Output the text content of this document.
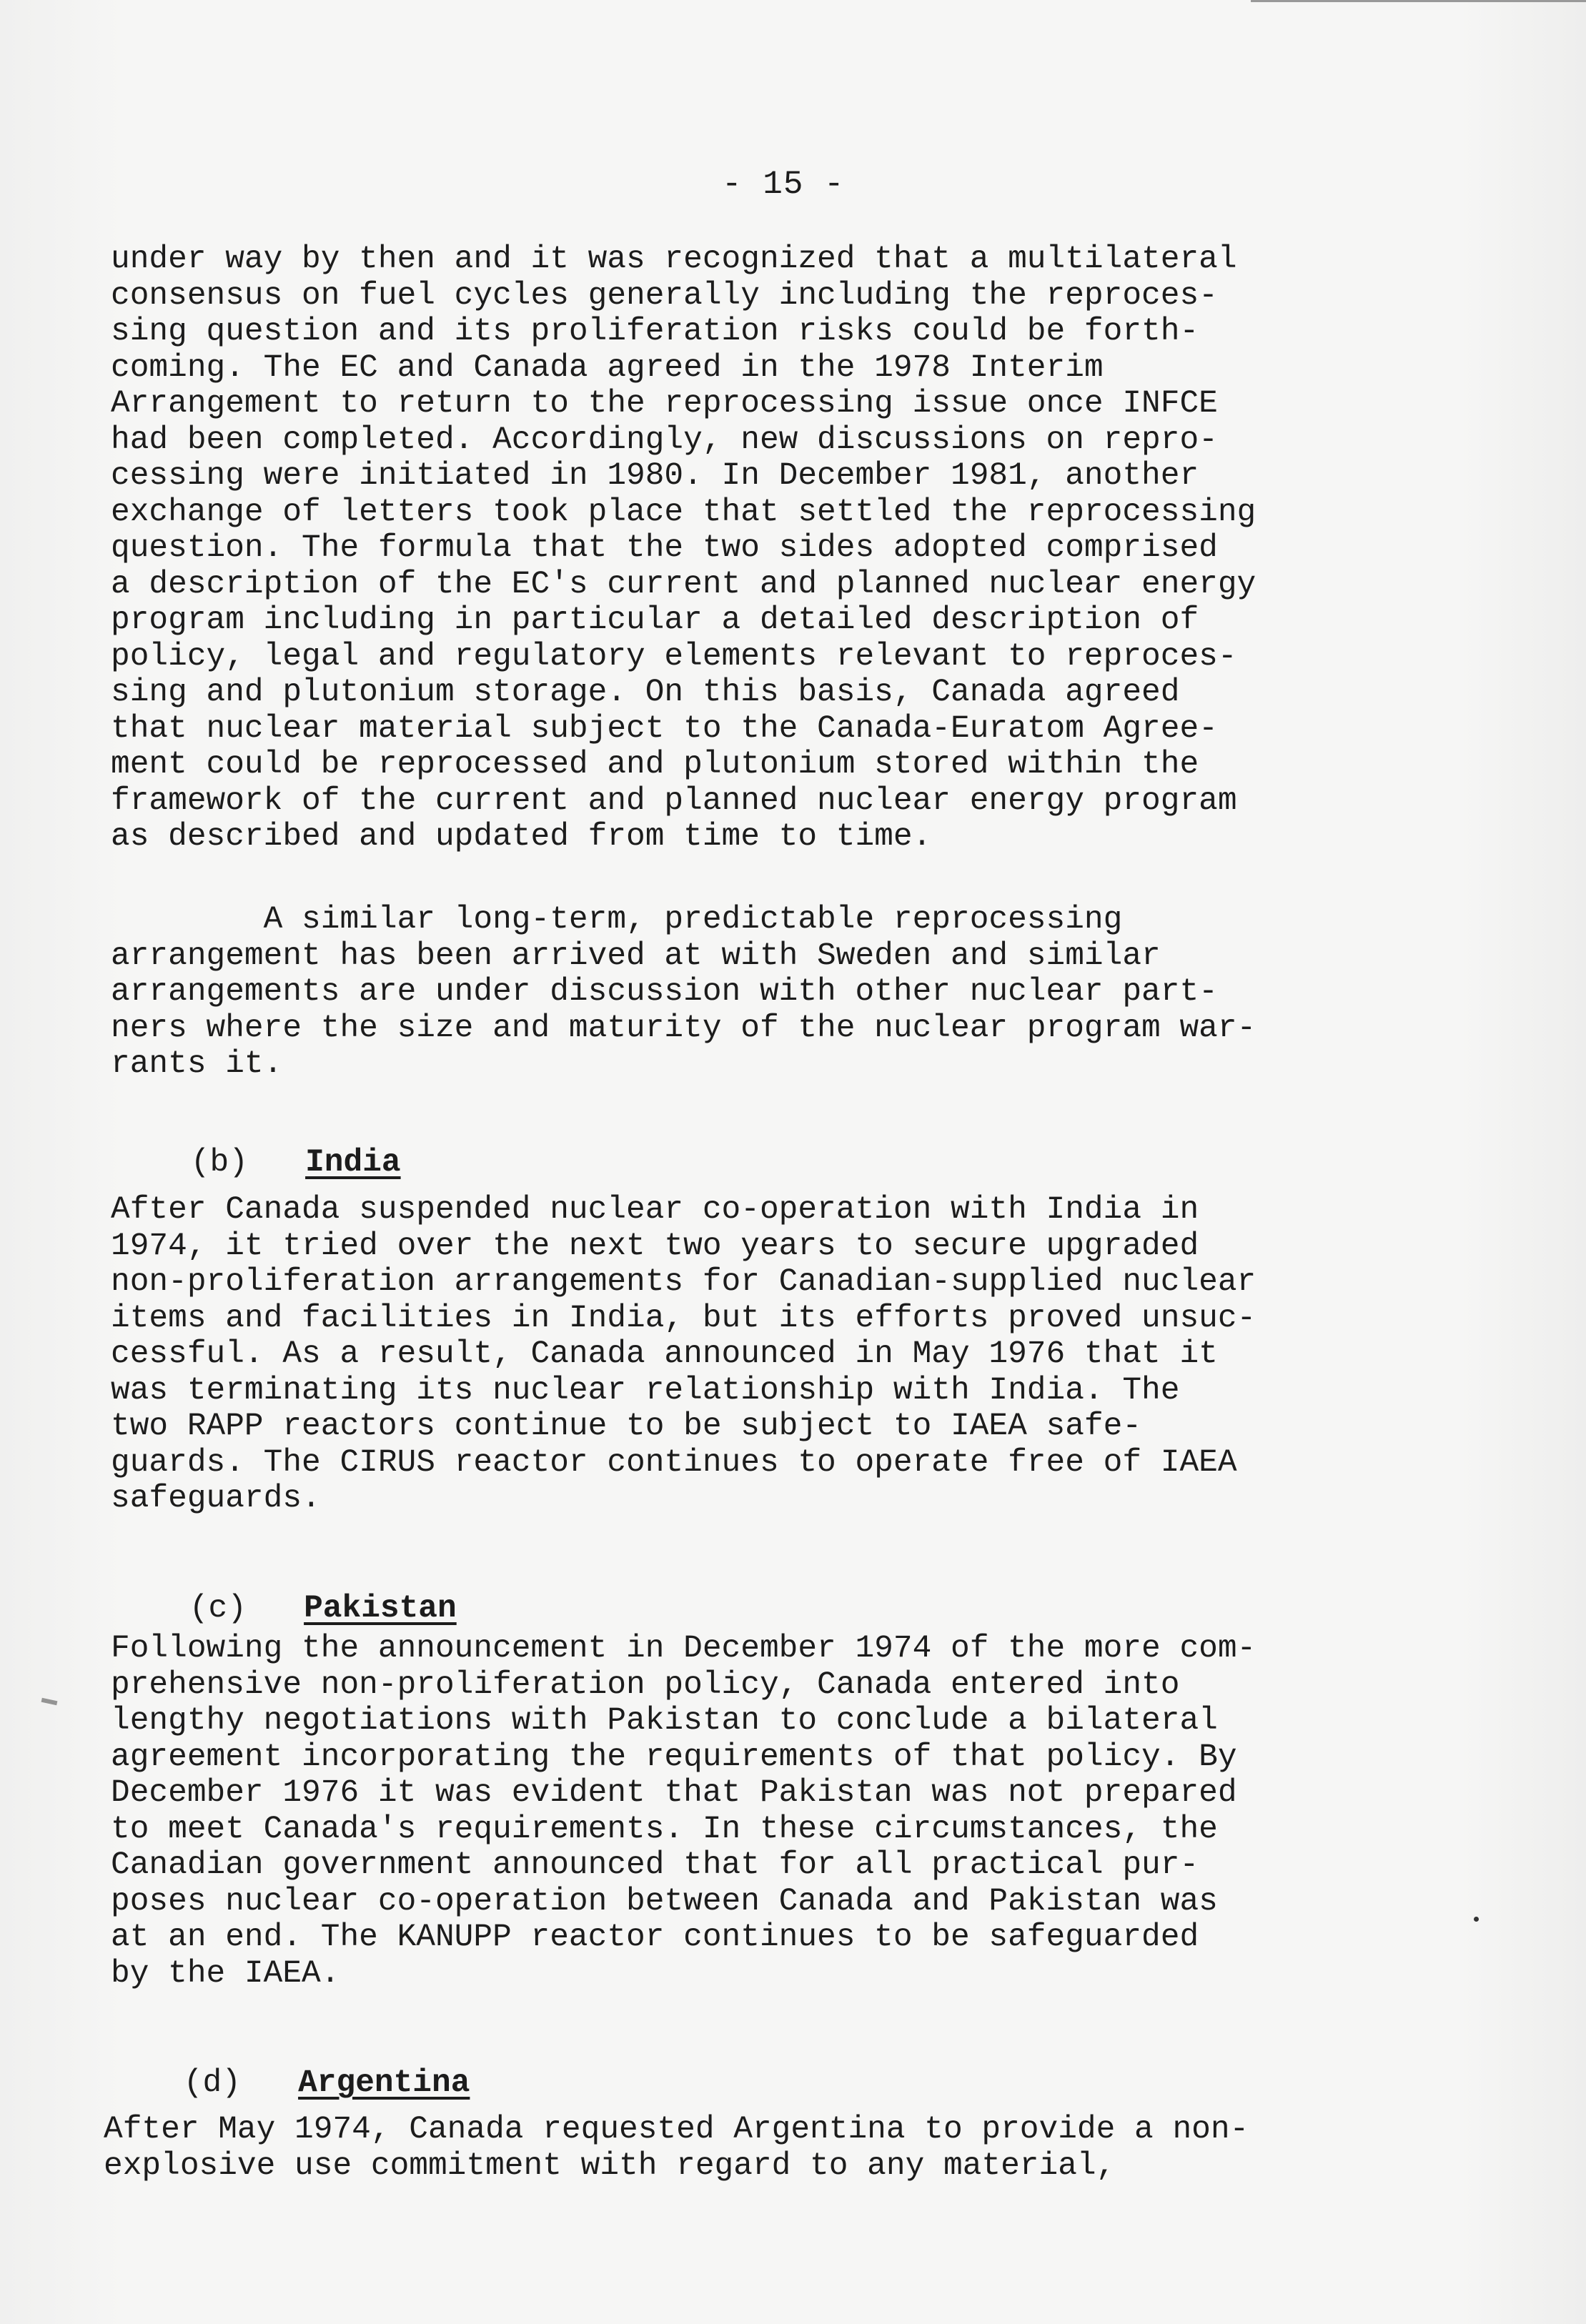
- 15 -
under way by then and it was recognized that a multilateral
consensus on fuel cycles generally including the reproces-
sing question and its proliferation risks could be forth-
coming. The EC and Canada agreed in the 1978 Interim
Arrangement to return to the reprocessing issue once INFCE
had been completed. Accordingly, new discussions on repro-
cessing were initiated in 1980. In December 1981, another
exchange of letters took place that settled the reprocessing
question. The formula that the two sides adopted comprised
a description of the EC's current and planned nuclear energy
program including in particular a detailed description of
policy, legal and regulatory elements relevant to reproces-
sing and plutonium storage. On this basis, Canada agreed
that nuclear material subject to the Canada-Euratom Agree-
ment could be reprocessed and plutonium stored within the
framework of the current and planned nuclear energy program
as described and updated from time to time.
A similar long-term, predictable reprocessing
arrangement has been arrived at with Sweden and similar
arrangements are under discussion with other nuclear part-
ners where the size and maturity of the nuclear program war-
rants it.

(b) India

After Canada suspended nuclear co-operation with India in
1974, it tried over the next two years to secure upgraded
non-proliferation arrangements for Canadian-supplied nuclear
items and facilities in India, but its efforts proved unsuc-
cessful. As a result, Canada announced in May 1976 that it
was terminating its nuclear relationship with India. The
two RAPP reactors continue to be subject to IAEA safe-
guards. The CIRUS reactor continues to operate free of IAEA
safeguards.

(c) Pakistan

Following the announcement in December 1974 of the more com-
prehensive non-proliferation policy, Canada entered into
lengthy negotiations with Pakistan to conclude a bilateral
agreement incorporating the requirements of that policy. By
December 1976 it was evident that Pakistan was not prepared
to meet Canada's requirements. In these circumstances, the
Canadian government announced that for all practical pur-
poses nuclear co-operation between Canada and Pakistan was
at an end. The KANUPP reactor continues to be safeguarded
by the IAEA.

(d) Argentina

After May 1974, Canada requested Argentina to provide a non-
explosive use commitment with regard to any material,
